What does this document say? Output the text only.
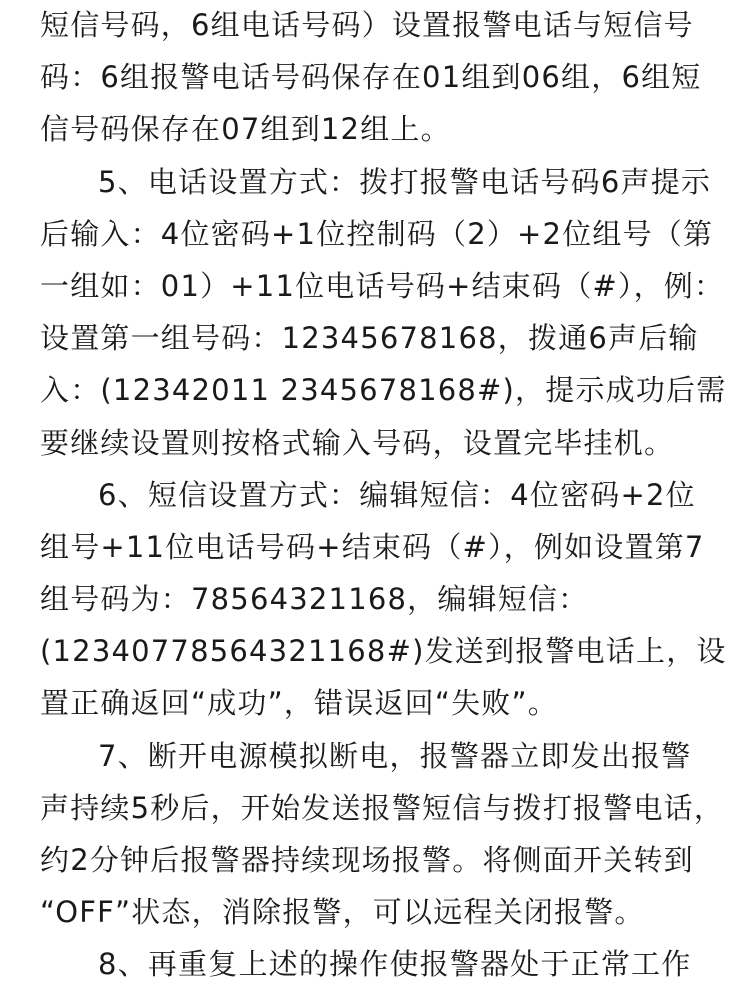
短信号码，6组电话号码）设置报警电话与短信号
码：6组报警电话号码保存在01组到06组，6组短
信号码保存在07组到12组上。
5、电话设置方式：拨打报警电话号码6声提示
后输入：4位密码+1位控制码（2）+2位组号（第
一组如：01）+11位电话号码+结束码（#），例：
设置第一组号码：12345678168，拨通6声后输
入：(12342011 2345678168#)，提示成功后需
要继续设置则按格式输入号码，设置完毕挂机。
6、短信设置方式：编辑短信：4位密码+2位
组号+11位电话号码+结束码（#），例如设置第7
组号码为：78564321168，编辑短信：
(12340778564321168#)发送到报警电话上，设
置正确返回“成功”，错误返回“失败”。
7、断开电源模拟断电，报警器立即发出报警
声持续5秒后，开始发送报警短信与拨打报警电话，
约2分钟后报警器持续现场报警。将侧面开关转到
“OFF”状态，消除报警，可以远程关闭报警。
8、再重复上述的操作使报警器处于正常工作
